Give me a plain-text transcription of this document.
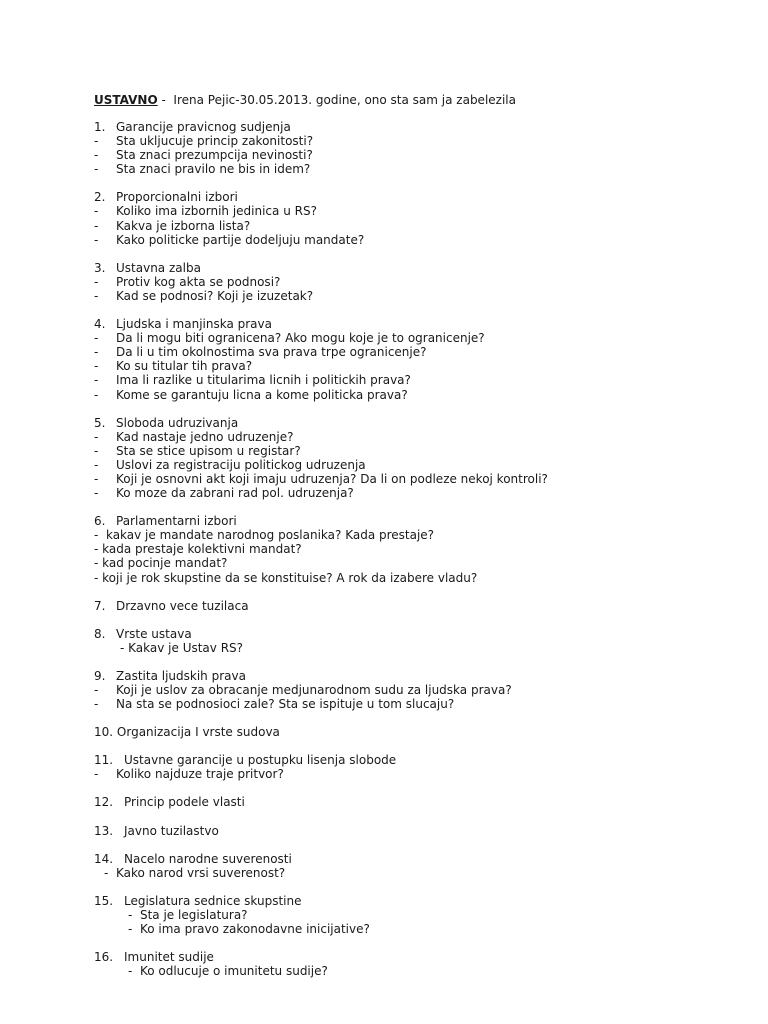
USTAVNO -  Irena Pejic-30.05.2013. godine, ono sta sam ja zabelezila
1. Garancije pravicnog sudjenja
- Sta ukljucuje princip zakonitosti?
- Sta znaci prezumpcija nevinosti?
- Sta znaci pravilo ne bis in idem?
2. Proporcionalni izbori
- Koliko ima izbornih jedinica u RS?
- Kakva je izborna lista?
- Kako politicke partije dodeljuju mandate?
3. Ustavna zalba
- Protiv kog akta se podnosi?
- Kad se podnosi? Koji je izuzetak?
4. Ljudska i manjinska prava
- Da li mogu biti ogranicena? Ako mogu koje je to ogranicenje?
- Da li u tim okolnostima sva prava trpe ogranicenje?
- Ko su titular tih prava?
- Ima li razlike u titularima licnih i politickih prava?
- Kome se garantuju licna a kome politicka prava?
5. Sloboda udruzivanja
- Kad nastaje jedno udruzenje?
- Sta se stice upisom u registar?
- Uslovi za registraciju politickog udruzenja
- Koji je osnovni akt koji imaju udruzenja? Da li on podleze nekoj kontroli?
- Ko moze da zabrani rad pol. udruzenja?
6. Parlamentarni izbori
-  kakav je mandate narodnog poslanika? Kada prestaje?
- kada prestaje kolektivni mandat?
- kad pocinje mandat?
- koji je rok skupstine da se konstituise? A rok da izabere vladu?
7. Drzavno vece tuzilaca
8. Vrste ustava
- Kakav je Ustav RS?
9. Zastita ljudskih prava
- Koji je uslov za obracanje medjunarodnom sudu za ljudska prava?
- Na sta se podnosioci zale? Sta se ispituje u tom slucaju?
10. Organizacija I vrste sudova
11. Ustavne garancije u postupku lisenja slobode
- Koliko najduze traje pritvor?
12. Princip podele vlasti
13. Javno tuzilastvo
14. Nacelo narodne suverenosti
-  Kako narod vrsi suverenost?
15. Legislatura sednice skupstine
-  Sta je legislatura?
-  Ko ima pravo zakonodavne inicijative?
16. Imunitet sudije
-  Ko odlucuje o imunitetu sudije?
